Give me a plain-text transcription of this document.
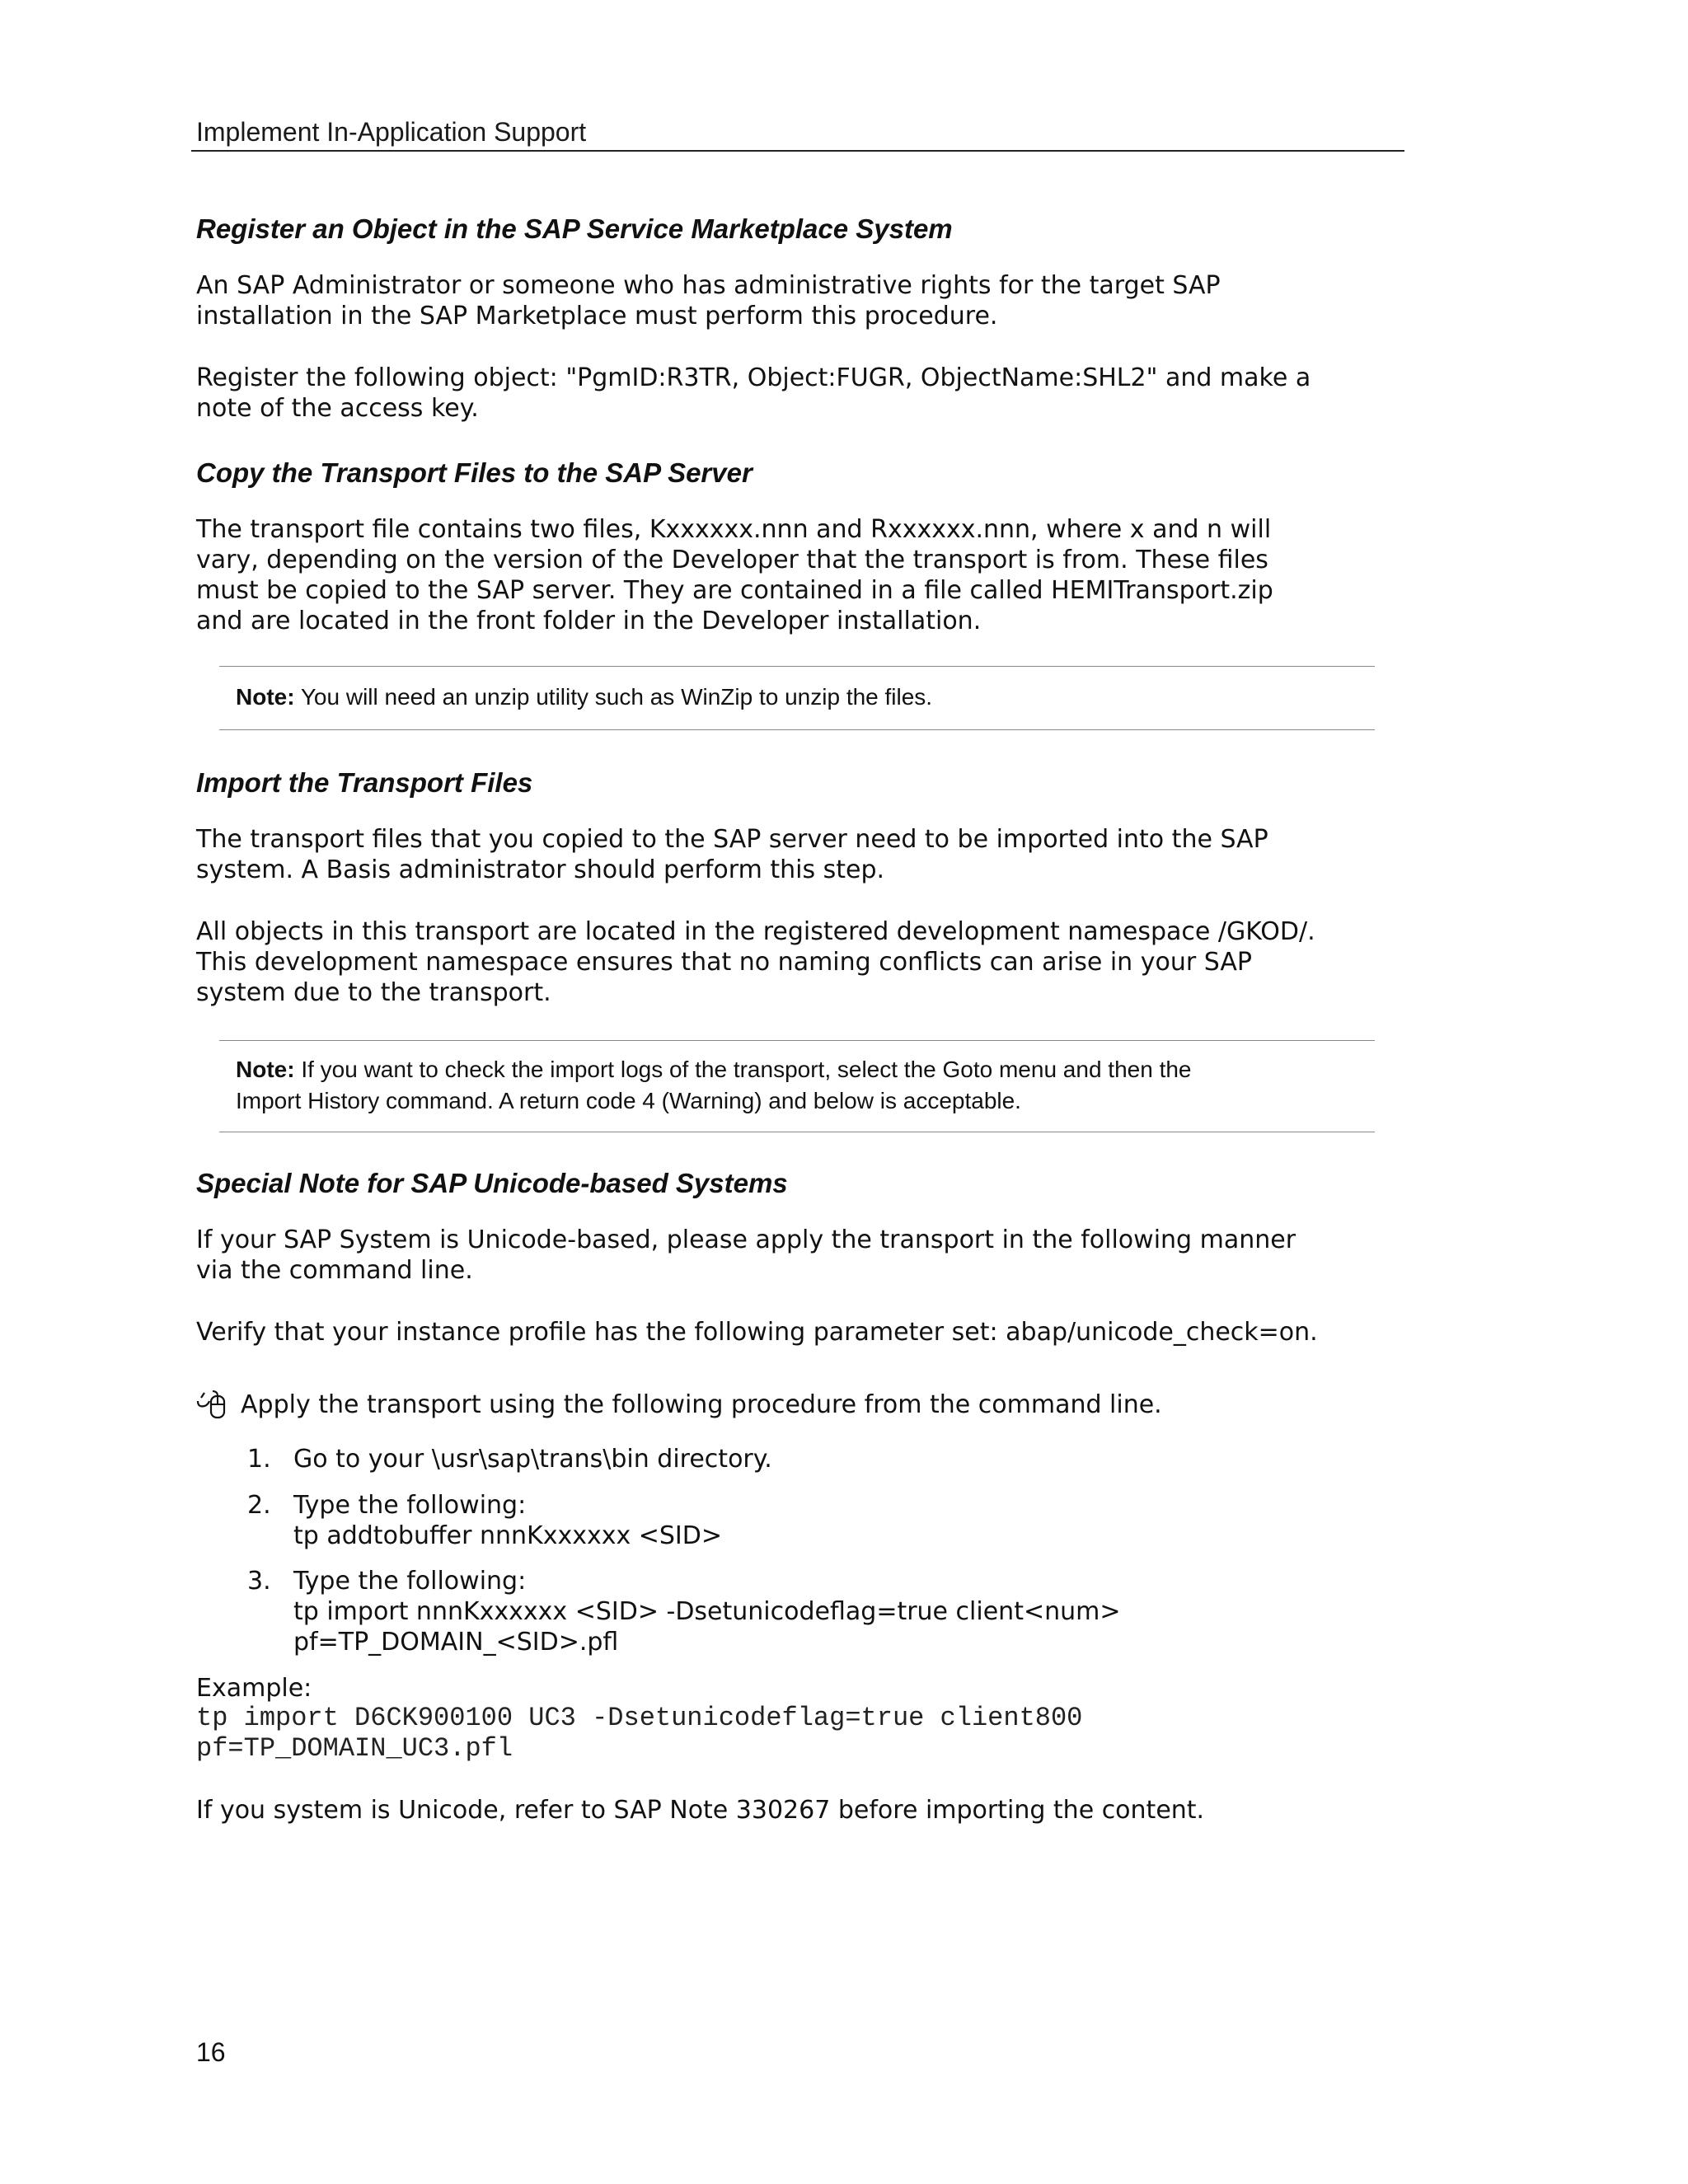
Implement In-Application Support
Register an Object in the SAP Service Marketplace System
An SAP Administrator or someone who has administrative rights for the target SAP
installation in the SAP Marketplace must perform this procedure.
Register the following object: "PgmID:R3TR, Object:FUGR, ObjectName:SHL2" and make a
note of the access key.
Copy the Transport Files to the SAP Server
The transport file contains two files, Kxxxxxx.nnn and Rxxxxxx.nnn, where x and n will
vary, depending on the version of the Developer that the transport is from. These files
must be copied to the SAP server. They are contained in a file called HEMITransport.zip
and are located in the front folder in the Developer installation.
Note: You will need an unzip utility such as WinZip to unzip the files.
Import the Transport Files
The transport files that you copied to the SAP server need to be imported into the SAP
system. A Basis administrator should perform this step.
All objects in this transport are located in the registered development namespace /GKOD/.
This development namespace ensures that no naming conflicts can arise in your SAP
system due to the transport.
Note: If you want to check the import logs of the transport, select the Goto menu and then the
Import History command. A return code 4 (Warning) and below is acceptable.
Special Note for SAP Unicode-based Systems
If your SAP System is Unicode-based, please apply the transport in the following manner
via the command line.
Verify that your instance profile has the following parameter set: abap/unicode_check=on.
Apply the transport using the following procedure from the command line.
1. Go to your \usr\sap\trans\bin directory.
2. Type the following:
tp addtobuffer nnnKxxxxxx <SID>
3. Type the following:
tp import nnnKxxxxxx <SID> -Dsetunicodeflag=true client<num>
pf=TP_DOMAIN_<SID>.pfl
Example:
tp import D6CK900100 UC3 -Dsetunicodeflag=true client800
pf=TP_DOMAIN_UC3.pfl
If you system is Unicode, refer to SAP Note 330267 before importing the content.
16
